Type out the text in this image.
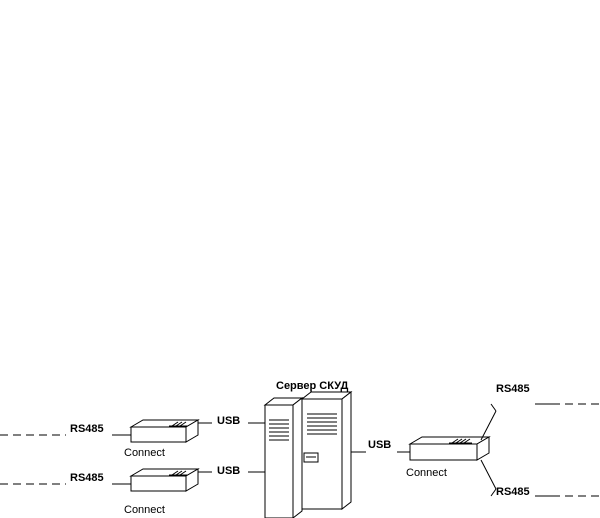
Сервер СКУД
RS485
RS485
USB
USB
USB
RS485
RS485
Connect
Connect
Connect
